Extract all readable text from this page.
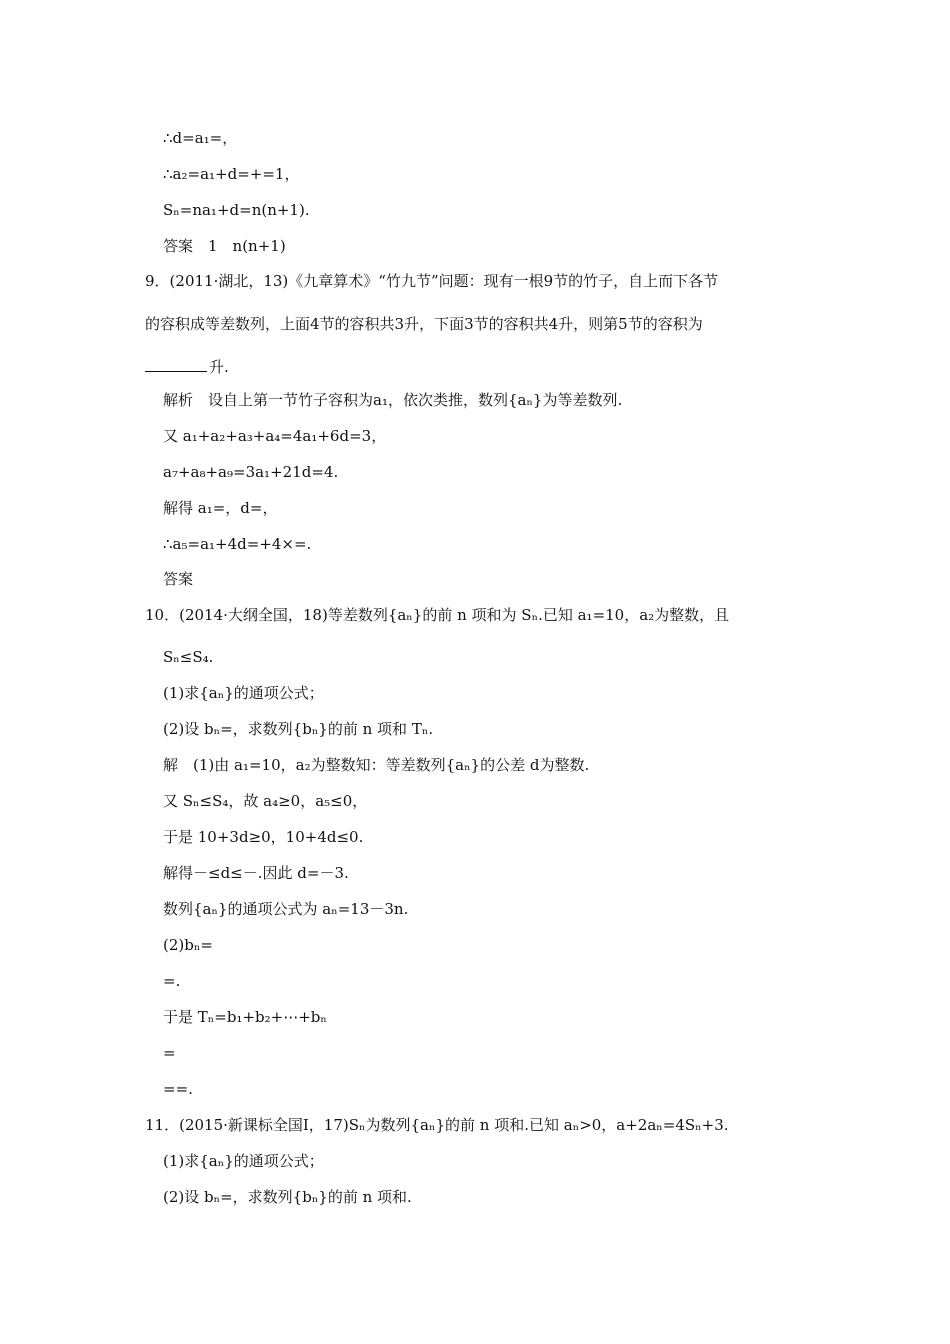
∴d=a₁=，
∴a₂=a₁+d=+=1，
Sₙ=na₁+d=n(n+1).
答案　1　n(n+1)
9．(2011·湖北，13)《九章算术》“竹九节”问题：现有一根9节的竹子，自上而下各节
的容积成等差数列，上面4节的容积共3升，下面3节的容积共4升，则第5节的容积为
升.
解析　设自上第一节竹子容积为a₁，依次类推，数列{aₙ}为等差数列.
又 a₁+a₂+a₃+a₄=4a₁+6d=3，
a₇+a₈+a₉=3a₁+21d=4.
解得 a₁=，d=，
∴a₅=a₁+4d=+4×=.
答案
10．(2014·大纲全国，18)等差数列{aₙ}的前 n 项和为 Sₙ.已知 a₁=10，a₂为整数，且
Sₙ≤S₄.
(1)求{aₙ}的通项公式；
(2)设 bₙ=，求数列{bₙ}的前 n 项和 Tₙ.
解　(1)由 a₁=10，a₂为整数知：等差数列{aₙ}的公差 d为整数.
又 Sₙ≤S₄，故 a₄≥0，a₅≤0，
于是 10+3d≥0，10+4d≤0.
解得－≤d≤－.因此 d=－3.
数列{aₙ}的通项公式为 aₙ=13－3n.
(2)bₙ=
=.
于是 Tₙ=b₁+b₂+⋯+bₙ
=
==.
11．(2015·新课标全国Ⅰ，17)Sₙ为数列{aₙ}的前 n 项和.已知 aₙ>0，a+2aₙ=4Sₙ+3.
(1)求{aₙ}的通项公式；
(2)设 bₙ=，求数列{bₙ}的前 n 项和.
